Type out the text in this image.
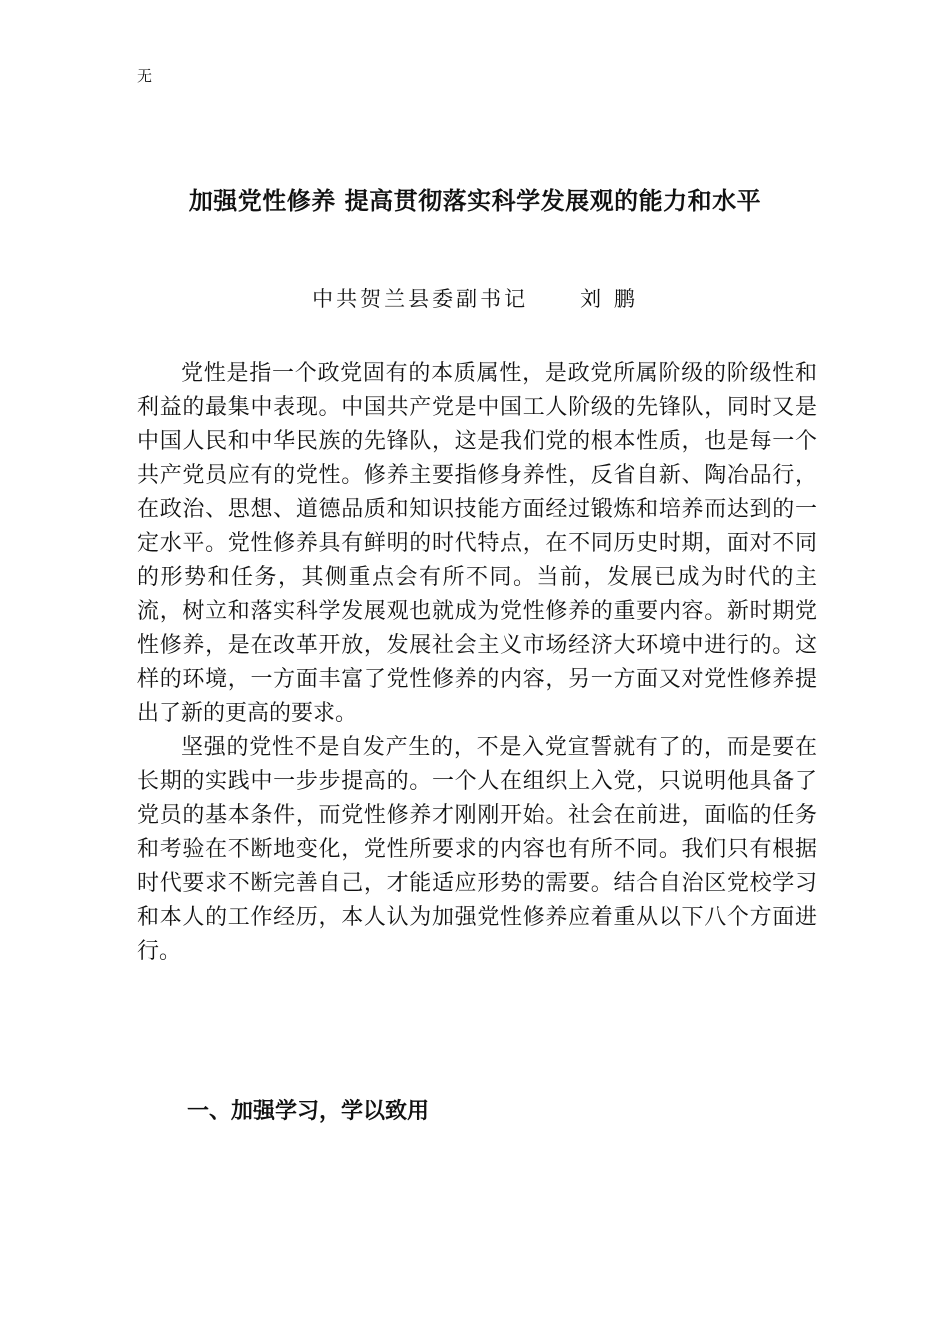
无
加强党性修养 提高贯彻落实科学发展观的能力和水平
中共贺兰县委副书记 刘 鹏

党性是指一个政党固有的本质属性，是政党所属阶级的阶级性和利益的最集中表现。中国共产党是中国工人阶级的先锋队，同时又是中国人民和中华民族的先锋队，这是我们党的根本性质，也是每一个共产党员应有的党性。修养主要指修身养性，反省自新、陶冶品行，在政治、思想、道德品质和知识技能方面经过锻炼和培养而达到的一定水平。党性修养具有鲜明的时代特点，在不同历史时期，面对不同的形势和任务，其侧重点会有所不同。当前，发展已成为时代的主流，树立和落实科学发展观也就成为党性修养的重要内容。新时期党性修养，是在改革开放，发展社会主义市场经济大环境中进行的。这样的环境，一方面丰富了党性修养的内容，另一方面又对党性修养提出了新的更高的要求。

坚强的党性不是自发产生的，不是入党宣誓就有了的，而是要在长期的实践中一步步提高的。一个人在组织上入党，只说明他具备了党员的基本条件，而党性修养才刚刚开始。社会在前进，面临的任务和考验在不断地变化，党性所要求的内容也有所不同。我们只有根据时代要求不断完善自己，才能适应形势的需要。结合自治区党校学习和本人的工作经历，本人认为加强党性修养应着重从以下八个方面进行。

一、加强学习，学以致用
